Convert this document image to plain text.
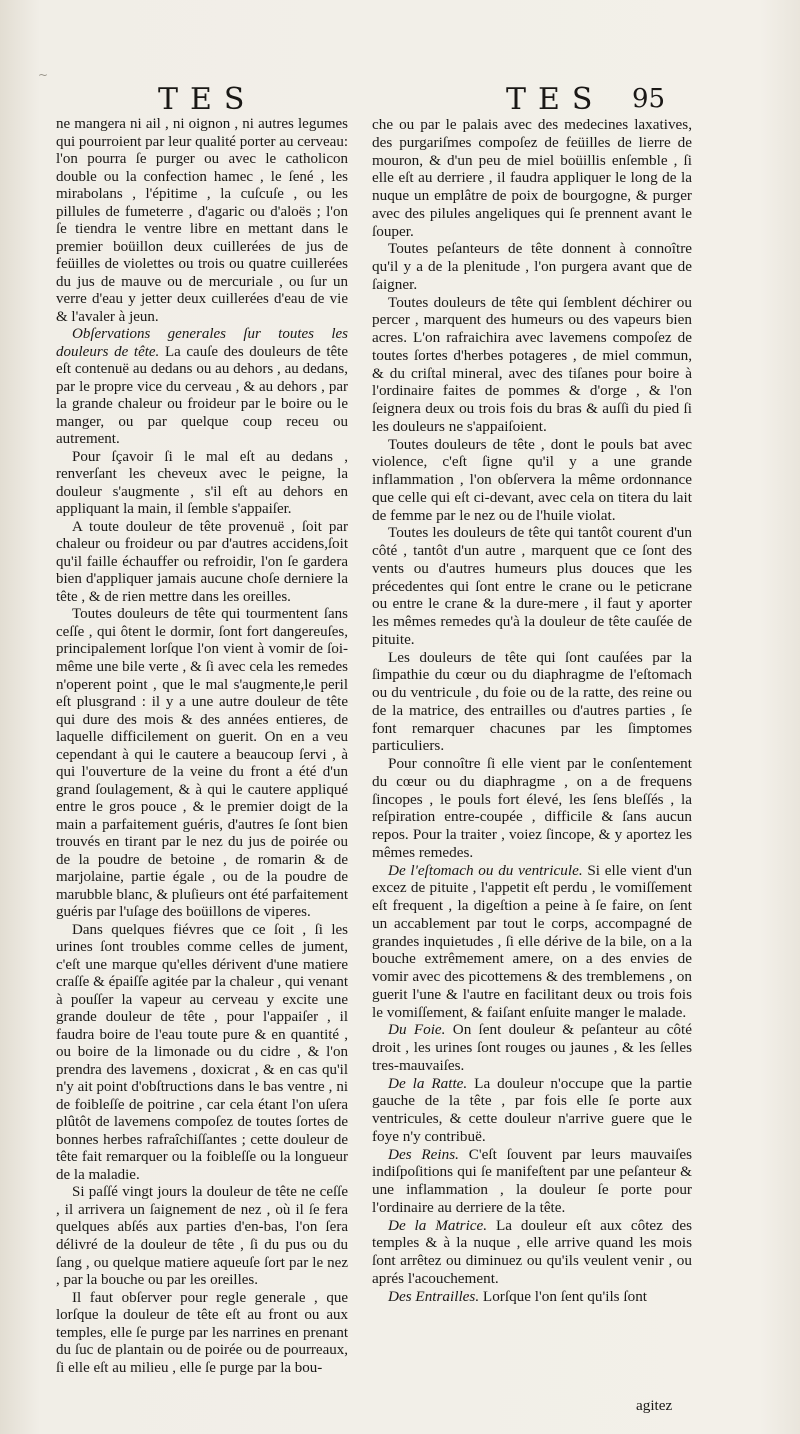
~
TES	TES 95

ne mangera ni ail , ni oignon , ni autres legumes qui pourroient par leur qualité porter au cerveau: l'on pourra ſe purger ou avec le catholicon double ou la confection hamec , le ſené , les mirabolans , l'épitime , la cuſcuſe , ou les pillules de fumeterre , d'agaric ou d'aloës ; l'on ſe tiendra le ventre libre en mettant dans le premier boüillon deux cuillerées de jus de feüilles de violettes ou trois ou quatre cuillerées du jus de mauve ou de mercuriale , ou ſur un verre d'eau y jetter deux cuillerées d'eau de vie & l'avaler à jeun.

Obſervations generales ſur toutes les douleurs de tête. La cauſe des douleurs de tête eſt contenuë au dedans ou au dehors , au dedans, par le propre vice du cerveau , & au dehors , par la grande chaleur ou froideur par le boire ou le manger, ou par quelque coup receu ou autrement.

Pour ſçavoir ſi le mal eſt au dedans , renverſant les cheveux avec le peigne, la douleur s'augmente , s'il eſt au dehors en appliquant la main, il ſemble s'appaiſer.

A toute douleur de tête provenuë , ſoit par chaleur ou froideur ou par d'autres accidens,ſoit qu'il faille échauffer ou refroidir, l'on ſe gardera bien d'appliquer jamais aucune choſe derniere la tête , & de rien mettre dans les oreilles.

Toutes douleurs de tête qui tourmentent ſans ceſſe , qui ôtent le dormir, ſont fort dangereuſes, principalement lorſque l'on vient à vomir de ſoi-même une bile verte , & ſi avec cela les remedes n'operent point , que le mal s'augmente,le peril eſt plusgrand : il y a une autre douleur de tête qui dure des mois & des années entieres, de laquelle difficilement on guerit. On en a veu cependant à qui le cautere a beaucoup ſervi , à qui l'ouverture de la veine du front a été d'un grand ſoulagement, & à qui le cautere appliqué entre le gros pouce , & le premier doigt de la main a parfaitement guéris, d'autres ſe ſont bien trouvés en tirant par le nez du jus de poirée ou de la poudre de betoine , de romarin & de marjolaine, partie égale , ou de la poudre de marubble blanc, & pluſieurs ont été parfaitement guéris par l'uſage des boüillons de viperes.

Dans quelques fiévres que ce ſoit , ſi les urines ſont troubles comme celles de jument, c'eſt une marque qu'elles dérivent d'une matiere craſſe & épaiſſe agitée par la chaleur , qui venant à pouſſer la vapeur au cerveau y excite une grande douleur de tête , pour l'appaiſer , il faudra boire de l'eau toute pure & en quantité , ou boire de la limonade ou du cidre , & l'on prendra des lavemens , doxicrat , & en cas qu'il n'y ait point d'obſtructions dans le bas ventre , ni de foibleſſe de poitrine , car cela étant l'on uſera plûtôt de lavemens compoſez de toutes ſortes de bonnes herbes rafraîchiſſantes ; cette douleur de tête fait remarquer ou la foibleſſe ou la longueur de la maladie.

Si paſſé vingt jours la douleur de tête ne ceſſe , il arrivera un ſaignement de nez , où il ſe fera quelques abſés aux parties d'en-bas, l'on ſera délivré de la douleur de tête , ſi du pus ou du ſang , ou quelque matiere aqueuſe ſort par le nez , par la bouche ou par les oreilles.

Il faut obſerver pour regle generale , que lorſque la douleur de tête eſt au front ou aux temples, elle ſe purge par les narrines en prenant du ſuc de plantain ou de poirée ou de pourreaux, ſi elle eſt au milieu , elle ſe purge par la bou-

che ou par le palais avec des medecines laxatives, des purgariſmes compoſez de feüilles de lierre de mouron, & d'un peu de miel boüillis enſemble , ſi elle eſt au derriere , il faudra appliquer le long de la nuque un emplâtre de poix de bourgogne, & purger avec des pilules angeliques qui ſe prennent avant le ſouper.

Toutes peſanteurs de tête donnent à connoître qu'il y a de la plenitude , l'on purgera avant que de ſaigner.

Toutes douleurs de tête qui ſemblent déchirer ou percer , marquent des humeurs ou des vapeurs bien acres. L'on rafraichira avec lavemens compoſez de toutes ſortes d'herbes potageres , de miel commun, & du criſtal mineral, avec des tiſanes pour boire à l'ordinaire faites de pommes & d'orge , & l'on ſeignera deux ou trois fois du bras & auſſi du pied ſi les douleurs ne s'appaiſoient.

Toutes douleurs de tête , dont le pouls bat avec violence, c'eſt ſigne qu'il y a une grande inflammation , l'on obſervera la même ordonnance que celle qui eſt ci-devant, avec cela on titera du lait de femme par le nez ou de l'huile violat.

Toutes les douleurs de tête qui tantôt courent d'un côté , tantôt d'un autre , marquent que ce ſont des vents ou d'autres humeurs plus douces que les précedentes qui ſont entre le crane ou le peticrane ou entre le crane & la dure-mere , il faut y aporter les mêmes remedes qu'à la douleur de tête cauſée de pituite.

Les douleurs de tête qui ſont cauſées par la ſimpathie du cœur ou du diaphragme de l'eſtomach ou du ventricule , du foie ou de la ratte, des reine ou de la matrice, des entrailles ou d'autres parties , ſe font remarquer chacunes par les ſimptomes particuliers.

Pour connoître ſi elle vient par le conſentement du cœur ou du diaphragme , on a de frequens ſincopes , le pouls fort élevé, les ſens bleſſés , la reſpiration entre-coupée , difficile & ſans aucun repos. Pour la traiter , voiez ſincope, & y aportez les mêmes remedes.

De l'eſtomach ou du ventricule. Si elle vient d'un excez de pituite , l'appetit eſt perdu , le vomiſſement eſt frequent , la digeſtion a peine à ſe faire, on ſent un accablement par tout le corps, accompagné de grandes inquietudes , ſi elle dérive de la bile, on a la bouche extrêmement amere, on a des envies de vomir avec des picottemens & des tremblemens , on guerit l'une & l'autre en facilitant deux ou trois fois le vomiſſement, & faiſant enſuite manger le malade.

Du Foie. On ſent douleur & peſanteur au côté droit , les urines ſont rouges ou jaunes , & les ſelles tres-mauvaiſes.

De la Ratte. La douleur n'occupe que la partie gauche de la tête , par fois elle ſe porte aux ventricules, & cette douleur n'arrive guere que le foye n'y contribuë.

Des Reins. C'eſt ſouvent par leurs mauvaiſes indiſpoſitions qui ſe manifeſtent par une peſanteur & une inflammation , la douleur ſe porte pour l'ordinaire au derriere de la tête.

De la Matrice. La douleur eſt aux côtez des temples & à la nuque , elle arrive quand les mois ſont arrêtez ou diminuez ou qu'ils veulent venir , ou aprés l'acouchement.

Des Entrailles. Lorſque l'on ſent qu'ils ſont

agitez
